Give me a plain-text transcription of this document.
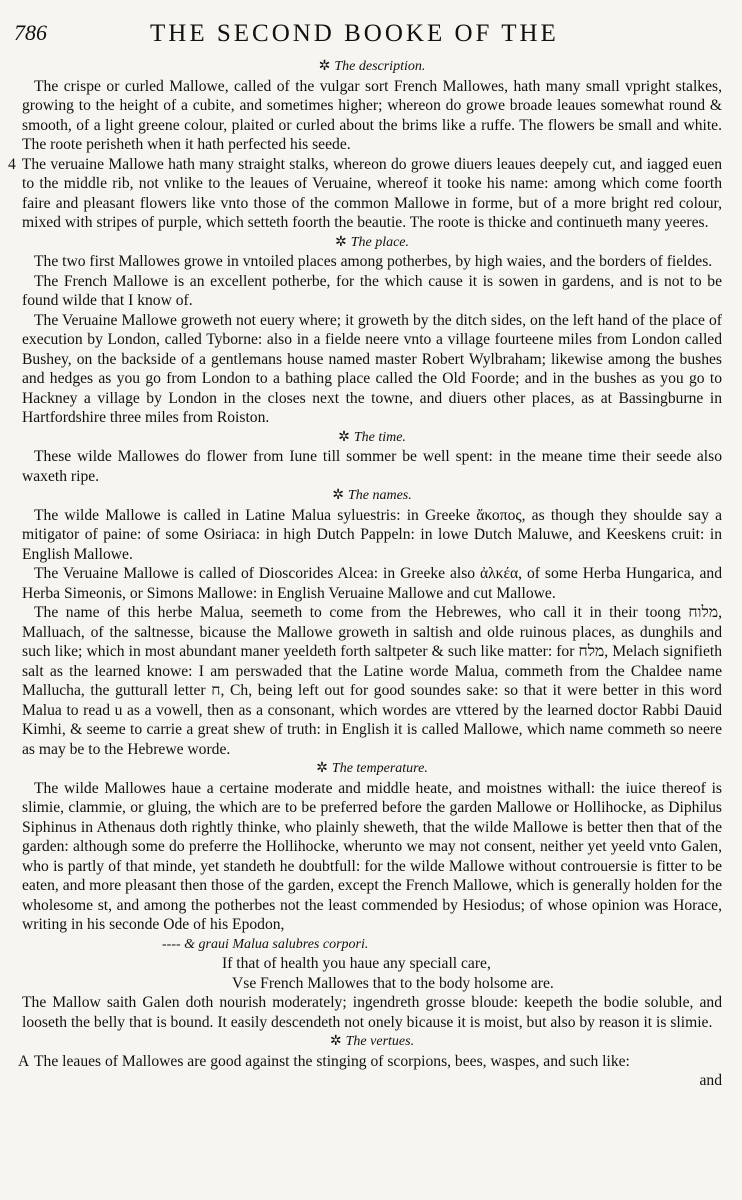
786	THE SECOND BOOKE OF THE
✲ The description.

The crispe or curled Mallowe, called of the vulgar sort French Mallowes, hath many small vpright stalkes, growing to the height of a cubite, and sometimes higher; whereon do growe broade leaues somewhat round & smooth, of a light greene colour, plaited or curled about the brims like a ruffe. The flowers be small and white. The roote perisheth when it hath perfected his seede.

4 The veruaine Mallowe hath many straight stalks, whereon do growe diuers leaues deepely cut, and iagged euen to the middle rib, not vnlike to the leaues of Veruaine, whereof it tooke his name: among which come foorth faire and pleasant flowers like vnto those of the common Mallowe in forme, but of a more bright red colour, mixed with stripes of purple, which setteth foorth the beautie. The roote is thicke and continueth many yeeres.

✲ The place.

The two first Mallowes growe in vntoiled places among potherbes, by high waies, and the borders of fieldes.

The French Mallowe is an excellent potherbe, for the which cause it is sowen in gardens, and is not to be found wilde that I know of.

The Veruaine Mallowe groweth not euery where; it groweth by the ditch sides, on the left hand of the place of execution by London, called Tyborne: also in a fielde neere vnto a village fourteene miles from London called Bushey, on the backside of a gentlemans house named master Robert Wylbraham; likewise among the bushes and hedges as you go from London to a bathing place called the Old Foorde; and in the bushes as you go to Hackney a village by London in the closes next the towne, and diuers other places, as at Bassingburne in Hartfordshire three miles from Roiston.

✲ The time.

These wilde Mallowes do flower from Iune till sommer be well spent: in the meane time their seede also waxeth ripe.

✲ The names.

The wilde Mallowe is called in Latine Malua syluestris: in Greeke ἄκοπος, as though they shoulde say a mitigator of paine: of some Osiriaca: in high Dutch Pappeln: in lowe Dutch Maluwe, and Keeskens cruit: in English Mallowe.

The Veruaine Mallowe is called of Dioscorides Alcea: in Greeke also ἀλκέα, of some Herba Hungarica, and Herba Simeonis, or Simons Mallowe: in English Veruaine Mallowe and cut Mallowe.

The name of this herbe Malua, seemeth to come from the Hebrewes, who call it in their toong מלוח, Malluach, of the saltnesse, bicause the Mallowe groweth in saltish and olde ruinous places, as dunghils and such like; which in most abundant maner yeeldeth forth saltpeter & such like matter: for מלח, Melach signifieth salt as the learned knowe: I am perswaded that the Latine worde Malua, commeth from the Chaldee name Mallucha, the gutturall letter ח, Ch, being left out for good soundes sake: so that it were better in this word Malua to read u as a vowell, then as a consonant, which wordes are vttered by the learned doctor Rabbi Dauid Kimhi, & seeme to carrie a great shew of truth: in English it is called Mallowe, which name commeth so neere as may be to the Hebrewe worde.

✲ The temperature.

The wilde Mallowes haue a certaine moderate and middle heate, and moistnes withall: the iuice thereof is slimie, clammie, or gluing, the which are to be preferred before the garden Mallowe or Hollihocke, as Diphilus Siphinus in Athenaus doth rightly thinke, who plainly sheweth, that the wilde Mallowe is better then that of the garden: although some do preferre the Hollihocke, wherunto we may not consent, neither yet yeeld vnto Galen, who is partly of that minde, yet standeth he doubtfull: for the wilde Mallowe without controuersie is fitter to be eaten, and more pleasant then those of the garden, except the French Mallowe, which is generally holden for the wholesome st, and among the potherbes not the least commended by Hesiodus; of whose opinion was Horace, writing in his seconde Ode of his Epodon,

---- & graui Malua salubres corpori.

If that of health you haue any speciall care,

Vse French Mallowes that to the body holsome are.

The Mallow saith Galen doth nourish moderately; ingendreth grosse bloude: keepeth the bodie soluble, and looseth the belly that is bound. It easily descendeth not onely bicause it is moist, but also by reason it is slimie.

✲ The vertues.

A The leaues of Mallowes are good against the stinging of scorpions, bees, waspes, and such like:

and
